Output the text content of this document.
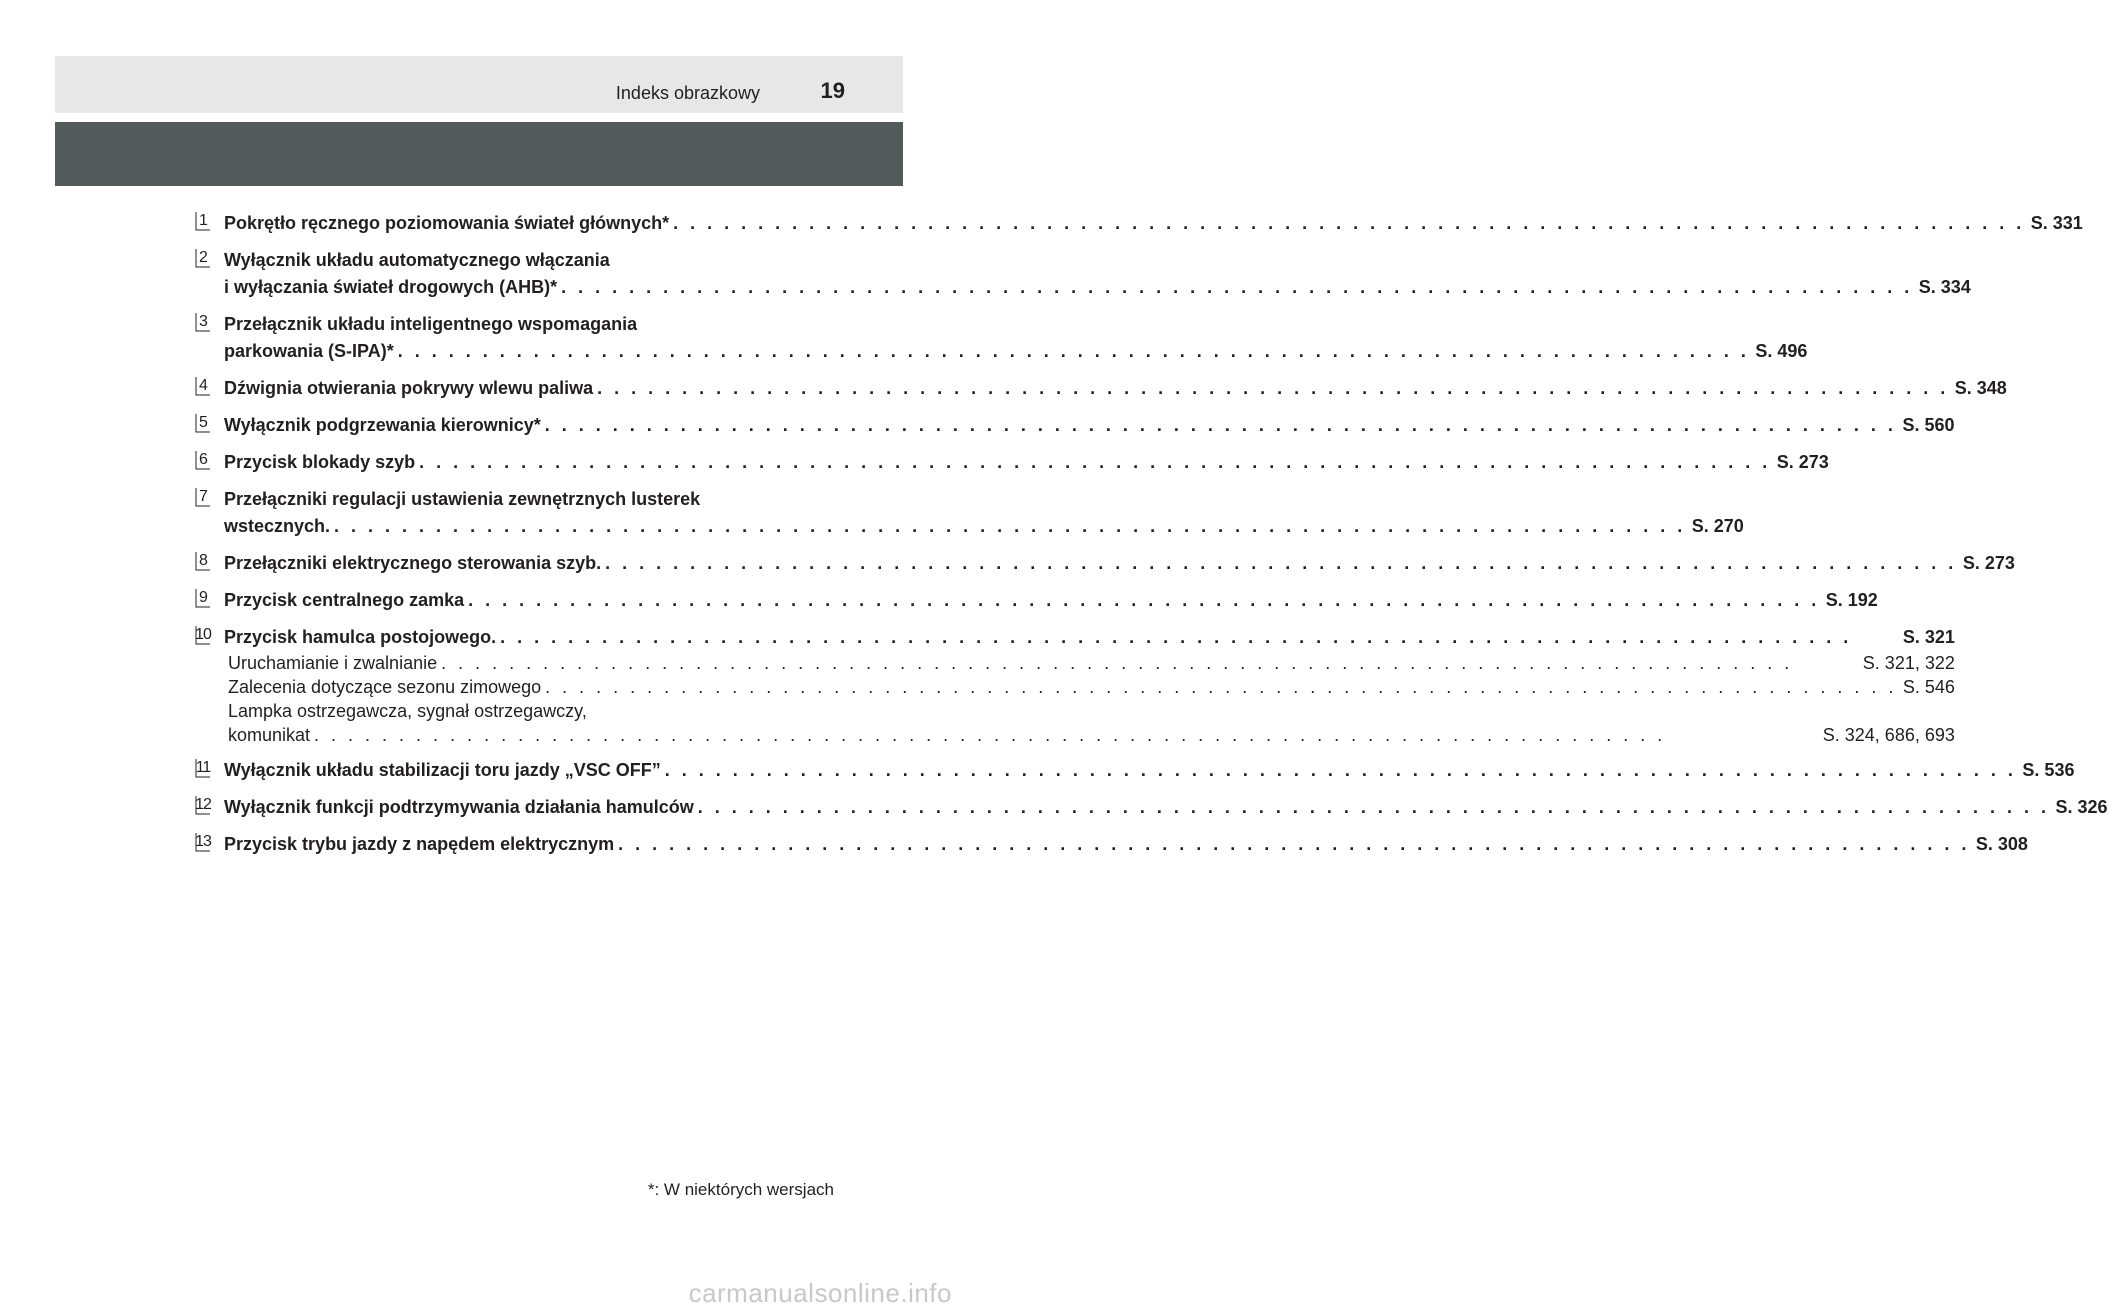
Indeks obrazkowy	19
1 Pokrętło ręcznego poziomowania świateł głównych* . . .	S. 331
2 Wyłącznik układu automatycznego włączania
i wyłączania świateł drogowych (AHB)* . . .	S. 334
3 Przełącznik układu inteligentnego wspomagania
parkowania (S-IPA)* . . .	S. 496
4 Dźwignia otwierania pokrywy wlewu paliwa . . .	S. 348
5 Wyłącznik podgrzewania kierownicy* . . .	S. 560
6 Przycisk blokady szyb . . .	S. 273
7 Przełączniki regulacji ustawienia zewnętrznych lusterek
wstecznych. . . .	S. 270
8 Przełączniki elektrycznego sterowania szyb. . . .	S. 273
9 Przycisk centralnego zamka . . .	S. 192
10 Przycisk hamulca postojowego. . . .	S. 321
Uruchamianie i zwalnianie . . .	S. 321, 322
Zalecenia dotyczące sezonu zimowego . . .	S. 546
Lampka ostrzegawcza, sygnał ostrzegawczy,
komunikat . . .	S. 324, 686, 693
11 Wyłącznik układu stabilizacji toru jazdy „VSC OFF” . . .	S. 536
12 Wyłącznik funkcji podtrzymywania działania hamulców . . .	S. 326
13 Przycisk trybu jazdy z napędem elektrycznym . . .	S. 308
*: W niektórych wersjach
carmanualsonline.info
